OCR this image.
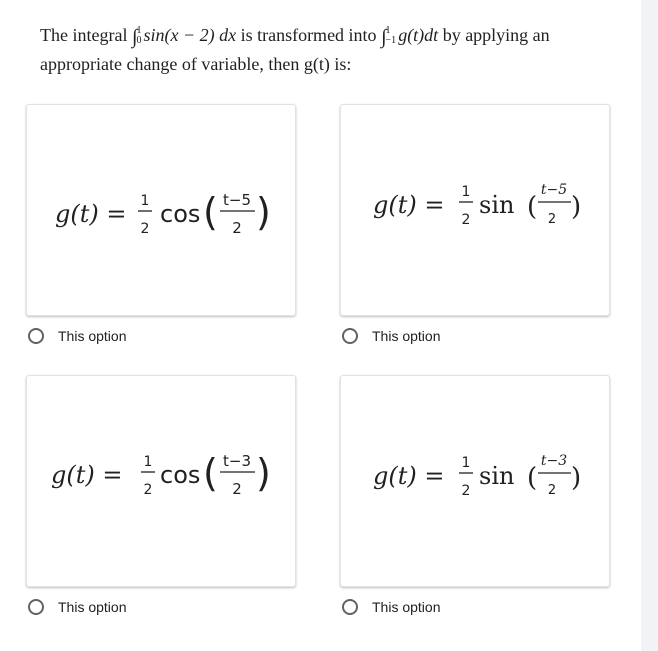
The integral ∫ 1
0 sin(x − 2) dx is transformed into ∫ 1
−1 g(t)dt by applying an appropriate change of variable, then g(t) is:
g(t) = 1
2
cos ( t−5
2 )
This option
g(t) = 1
2
sin (
t−5
2 )
This option
g(t) = 1
2
cos ( t−3
2 )
This option
g(t) = 1
2
sin (
t−3
2 )
This option
